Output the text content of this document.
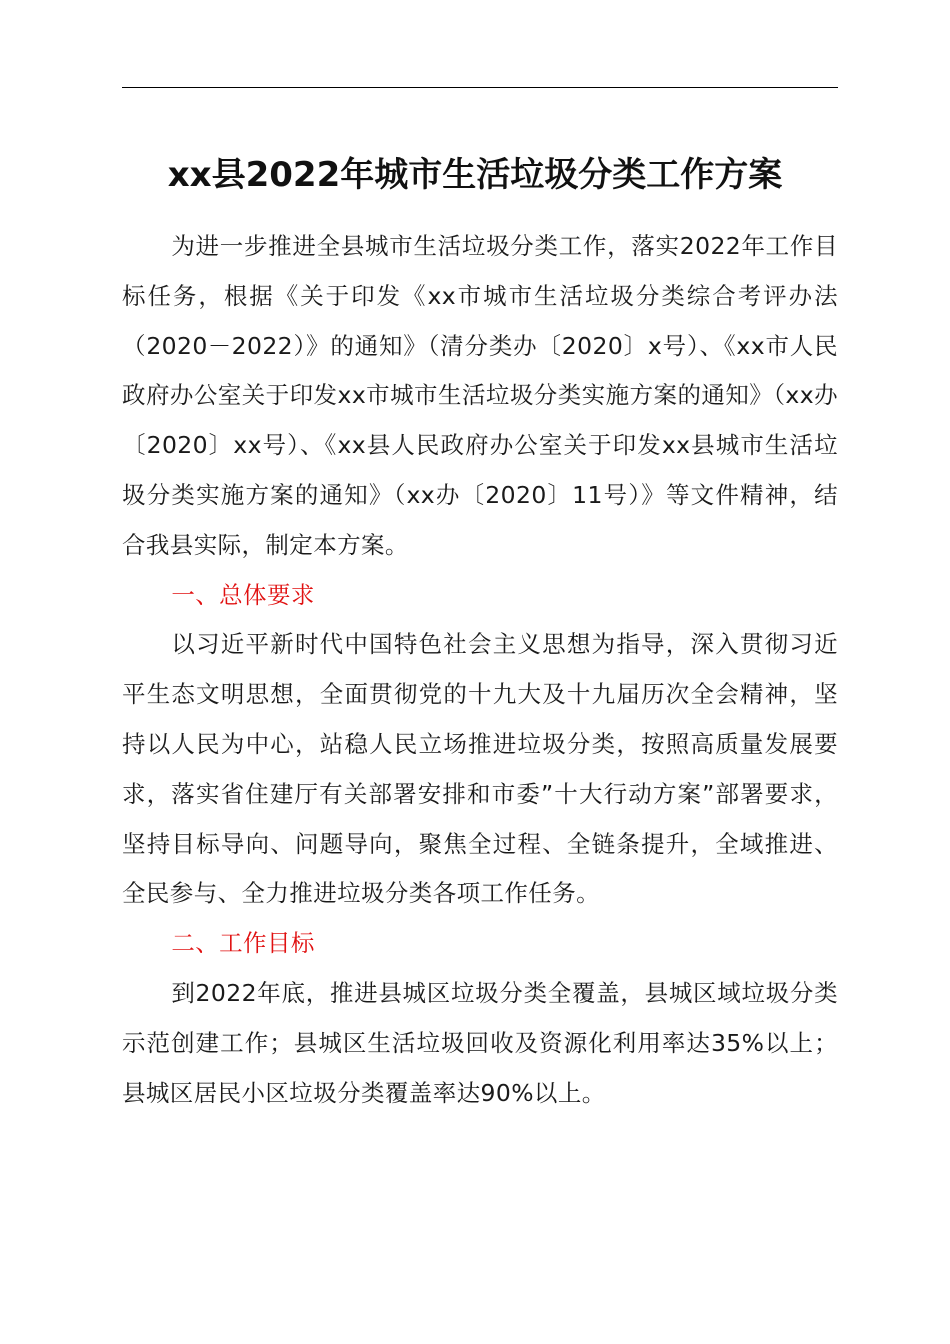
xx县2022年城市生活垃圾分类工作方案

为进一步推进全县城市生活垃圾分类工作，落实2022年工作目标任务，根据《关于印发《xx市城市生活垃圾分类综合考评办法（2020－2022）》的通知》（清分类办〔2020〕x号）、《xx市人民政府办公室关于印发xx市城市生活垃圾分类实施方案的通知》（xx办〔2020〕xx号）、《xx县人民政府办公室关于印发xx县城市生活垃圾分类实施方案的通知》（xx办〔2020〕11号）》等文件精神，结合我县实际，制定本方案。

一、总体要求

以习近平新时代中国特色社会主义思想为指导，深入贯彻习近平生态文明思想，全面贯彻党的十九大及十九届历次全会精神，坚持以人民为中心，站稳人民立场推进垃圾分类，按照高质量发展要求，落实省住建厅有关部署安排和市委”十大行动方案”部署要求，坚持目标导向、问题导向，聚焦全过程、全链条提升，全域推进、全民参与、全力推进垃圾分类各项工作任务。

二、工作目标

到2022年底，推进县城区垃圾分类全覆盖，县城区域垃圾分类示范创建工作；县城区生活垃圾回收及资源化利用率达35%以上；县城区居民小区垃圾分类覆盖率达90%以上。
